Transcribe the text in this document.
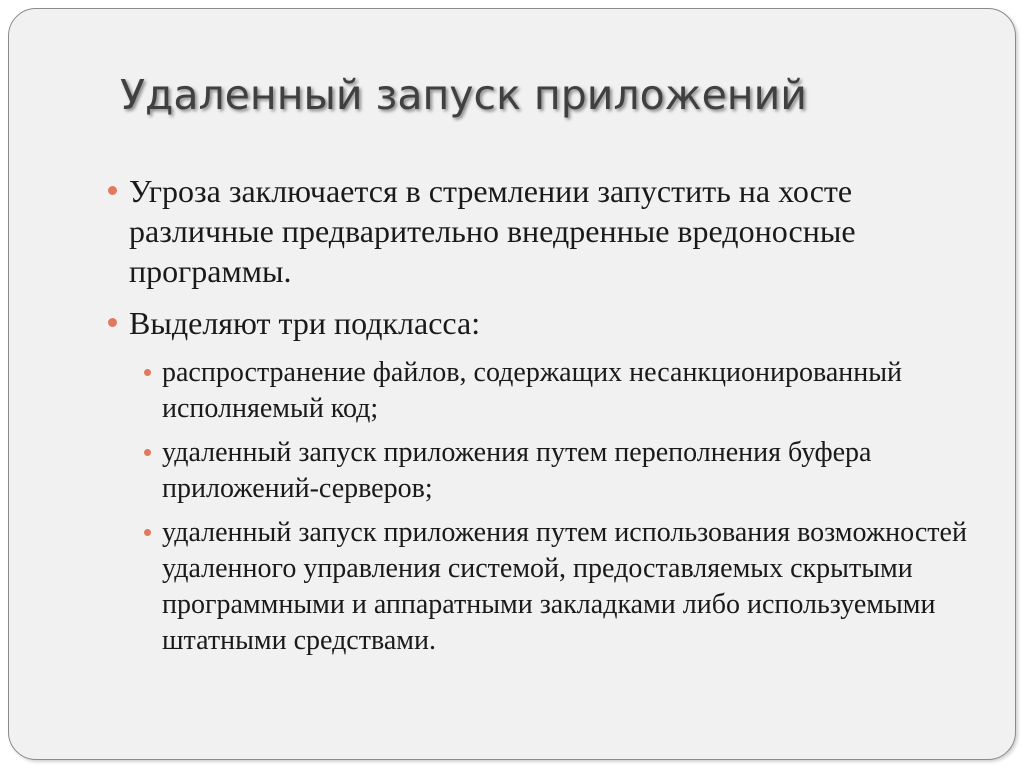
Удаленный запуск приложений
Угроза заключается в стремлении запустить на хосте различные предварительно внедренные вредоносные программы.
Выделяют три подкласса:
распространение файлов, содержащих несанкционированный исполняемый код;
удаленный запуск приложения путем переполнения буфера приложений-серверов;
удаленный запуск приложения путем использования возможностей удаленного управления системой, предоставляемых скрытыми программными и аппаратными закладками либо используемыми штатными средствами.
